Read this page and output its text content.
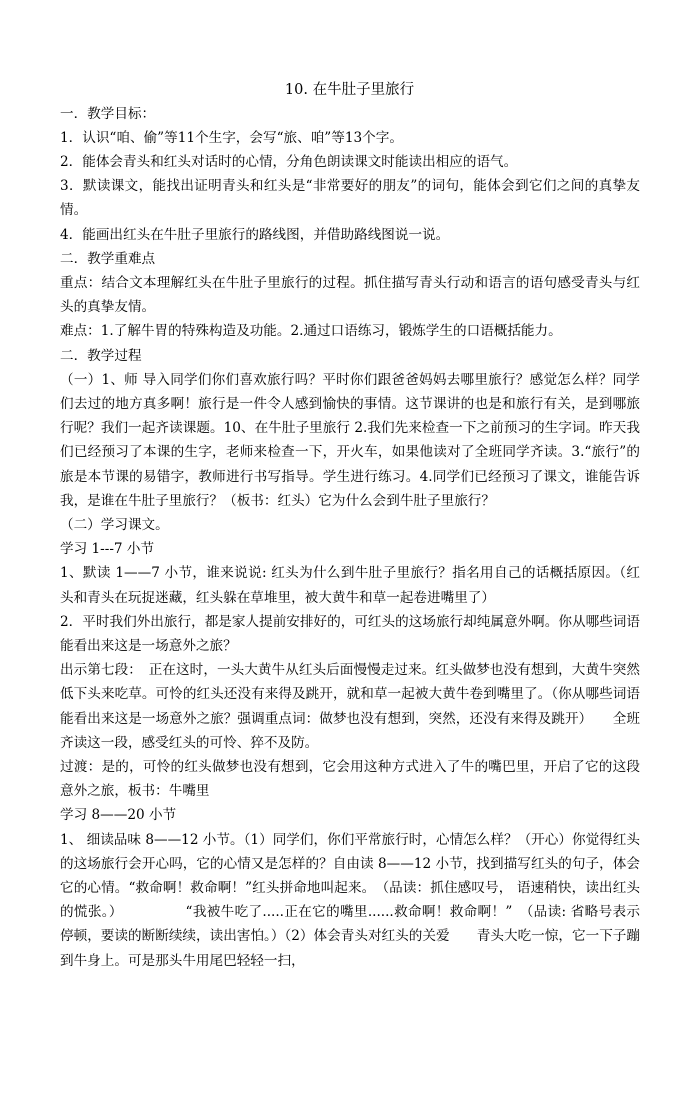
10. 在牛肚子里旅行

一．教学目标：

1．认识“咱、偷”等11个生字，会写“旅、咱”等13个字。

2．能体会青头和红头对话时的心情，分角色朗读课文时能读出相应的语气。

3．默读课文，能找出证明青头和红头是“非常要好的朋友”的词句，能体会到它们之间的真挚友情。

4．能画出红头在牛肚子里旅行的路线图，并借助路线图说一说。

二．教学重难点

重点：结合文本理解红头在牛肚子里旅行的过程。抓住描写青头行动和语言的语句感受青头与红头的真挚友情。

难点：1.了解牛胃的特殊构造及功能。2.通过口语练习，锻炼学生的口语概括能力。

二．教学过程

（一）1、师 导入同学们你们喜欢旅行吗？平时你们跟爸爸妈妈去哪里旅行？感觉怎么样？同学们去过的地方真多啊！旅行是一件令人感到愉快的事情。这节课讲的也是和旅行有关，是到哪旅行呢？我们一起齐读课题。10、在牛肚子里旅行 2.我们先来检查一下之前预习的生字词。昨天我们已经预习了本课的生字，老师来检查一下，开火车，如果他读对了全班同学齐读。3.“旅行”的旅是本节课的易错字，教师进行书写指导。学生进行练习。4.同学们已经预习了课文，谁能告诉我，是谁在牛肚子里旅行？（板书：红头）它为什么会到牛肚子里旅行？

（二）学习课文。

学习 1---7 小节

1、默读 1——7 小节，谁来说说: 红头为什么到牛肚子里旅行？指名用自己的话概括原因。（红头和青头在玩捉迷藏，红头躲在草堆里，被大黄牛和草一起卷进嘴里了）

2．平时我们外出旅行，都是家人提前安排好的，可红头的这场旅行却纯属意外啊。你从哪些词语能看出来这是一场意外之旅？

出示第七段：　正在这时，一头大黄牛从红头后面慢慢走过来。红头做梦也没有想到，大黄牛突然低下头来吃草。可怜的红头还没有来得及跳开，就和草一起被大黄牛卷到嘴里了。（你从哪些词语能看出来这是一场意外之旅？强调重点词：做梦也没有想到，突然，还没有来得及跳开）　　全班齐读这一段，感受红头的可怜、猝不及防。

过渡：是的，可怜的红头做梦也没有想到，它会用这种方式进入了牛的嘴巴里，开启了它的这段意外之旅，板书：牛嘴里

学习 8——20 小节

1、 细读品味 8——12 小节。（1）同学们，你们平常旅行时，心情怎么样？（开心）你觉得红头的这场旅行会开心吗，它的心情又是怎样的？自由读 8——12 小节，找到描写红头的句子，体会它的心情。“救命啊！救命啊！”红头拼命地叫起来。　（品读：抓住感叹号， 语速稍快，读出红头的慌张。）　　　　　“我被牛吃了.....正在它的嘴里......救命啊！救命啊！”　（品读: 省略号表示停顿，要读的断断续续，读出害怕。）（2）体会青头对红头的关爱　　青头大吃一惊，它一下子蹦到牛身上。可是那头牛用尾巴轻轻一扫，
